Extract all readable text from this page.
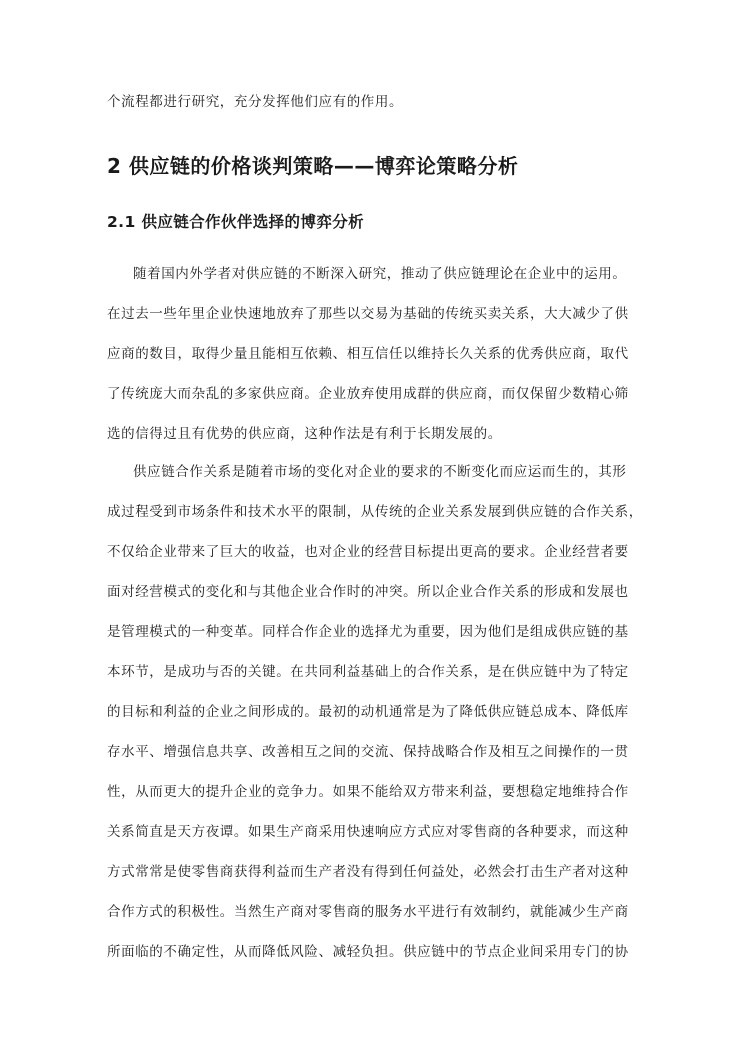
个流程都进行研究，充分发挥他们应有的作用。
2 供应链的价格谈判策略——博弈论策略分析
2.1 供应链合作伙伴选择的博弈分析
随着国内外学者对供应链的不断深入研究，推动了供应链理论在企业中的运用。
在过去一些年里企业快速地放弃了那些以交易为基础的传统买卖关系，大大减少了供
应商的数目，取得少量且能相互依赖、相互信任以维持长久关系的优秀供应商，取代
了传统庞大而杂乱的多家供应商。企业放弃使用成群的供应商，而仅保留少数精心筛
选的信得过且有优势的供应商，这种作法是有利于长期发展的。
供应链合作关系是随着市场的变化对企业的要求的不断变化而应运而生的，其形
成过程受到市场条件和技术水平的限制，从传统的企业关系发展到供应链的合作关系，
不仅给企业带来了巨大的收益，也对企业的经营目标提出更高的要求。企业经营者要
面对经营模式的变化和与其他企业合作时的冲突。所以企业合作关系的形成和发展也
是管理模式的一种变革。同样合作企业的选择尤为重要，因为他们是组成供应链的基
本环节，是成功与否的关键。在共同利益基础上的合作关系，是在供应链中为了特定
的目标和利益的企业之间形成的。最初的动机通常是为了降低供应链总成本、降低库
存水平、增强信息共享、改善相互之间的交流、保持战略合作及相互之间操作的一贯
性，从而更大的提升企业的竞争力。如果不能给双方带来利益，要想稳定地维持合作
关系简直是天方夜谭。如果生产商采用快速响应方式应对零售商的各种要求，而这种
方式常常是使零售商获得利益而生产者没有得到任何益处，必然会打击生产者对这种
合作方式的积极性。当然生产商对零售商的服务水平进行有效制约，就能减少生产商
所面临的不确定性，从而降低风险、减轻负担。供应链中的节点企业间采用专门的协
